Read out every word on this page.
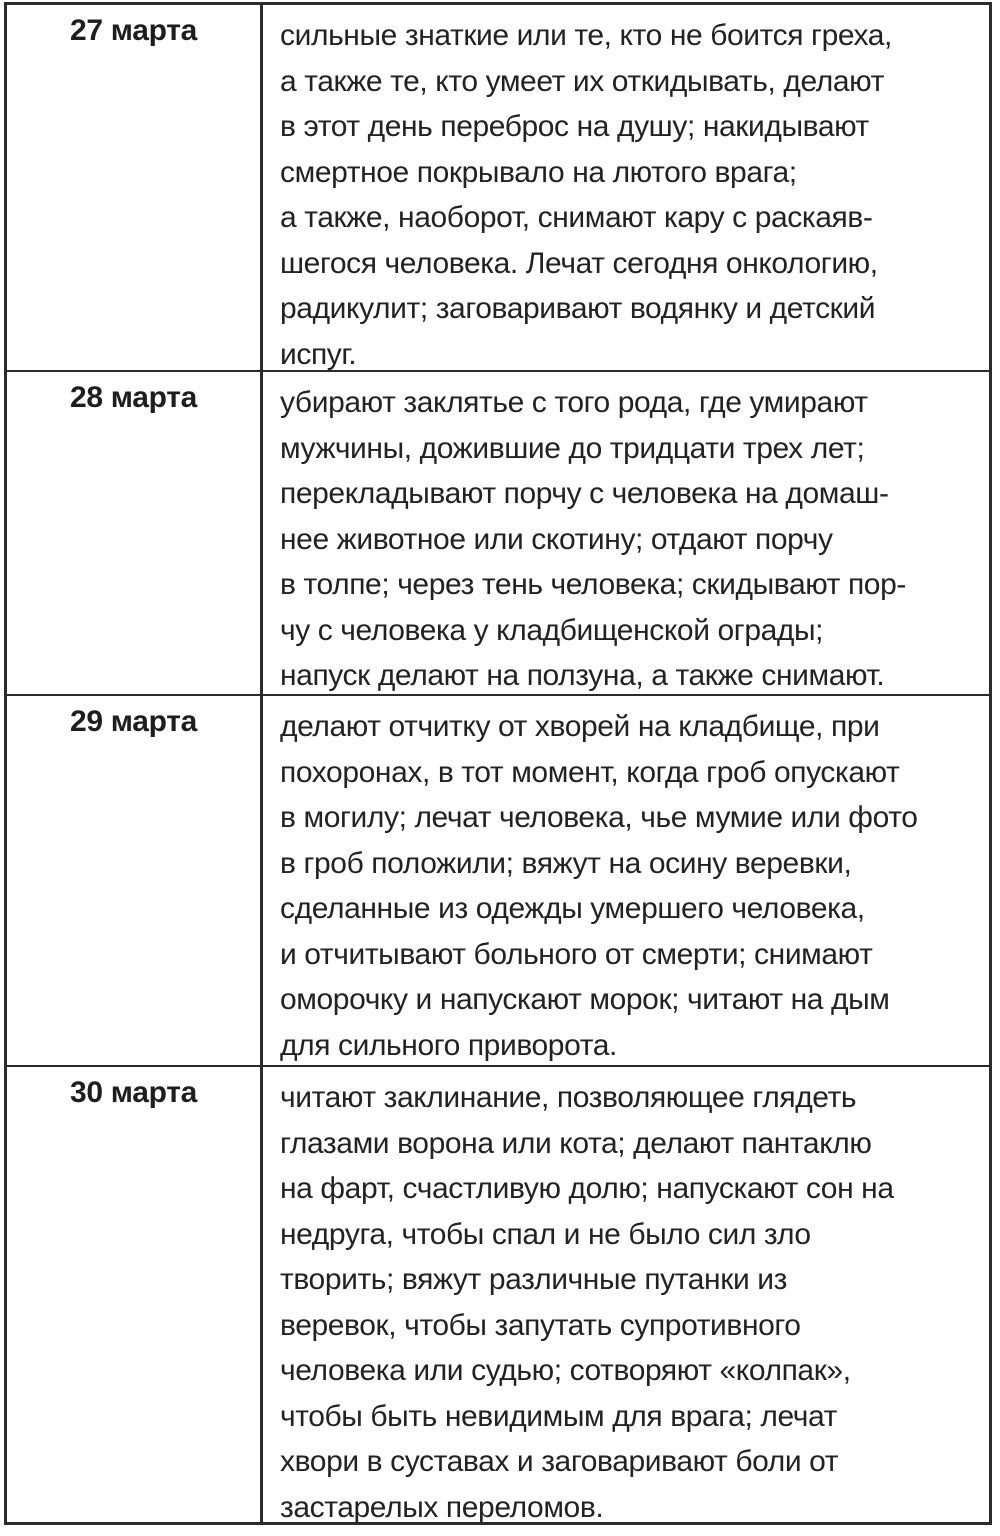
27 марта	сильные знаткие или те, кто не боится греха,
а также те, кто умеет их откидывать, делают
в этот день переброс на душу; накидывают
смертное покрывало на лютого врага;
а также, наоборот, снимают кару с раскаяв-
шегося человека. Лечат сегодня онкологию,
радикулит; заговаривают водянку и детский
испуг.
28 марта	убирают заклятье с того рода, где умирают
мужчины, дожившие до тридцати трех лет;
перекладывают порчу с человека на домаш-
нее животное или скотину; отдают порчу
в толпе; через тень человека; скидывают пор-
чу с человека у кладбищенской ограды;
напуск делают на ползуна, а также снимают.
29 марта	делают отчитку от хворей на кладбище, при
похоронах, в тот момент, когда гроб опускают
в могилу; лечат человека, чье мумие или фото
в гроб положили; вяжут на осину веревки,
сделанные из одежды умершего человека,
и отчитывают больного от смерти; снимают
оморочку и напускают морок; читают на дым
для сильного приворота.
30 марта	читают заклинание, позволяющее глядеть
глазами ворона или кота; делают пантаклю
на фарт, счастливую долю; напускают сон на
недруга, чтобы спал и не было сил зло
творить; вяжут различные путанки из
веревок, чтобы запутать супротивного
человека или судью; сотворяют «колпак»,
чтобы быть невидимым для врага; лечат
хвори в суставах и заговаривают боли от
застарелых переломов.
